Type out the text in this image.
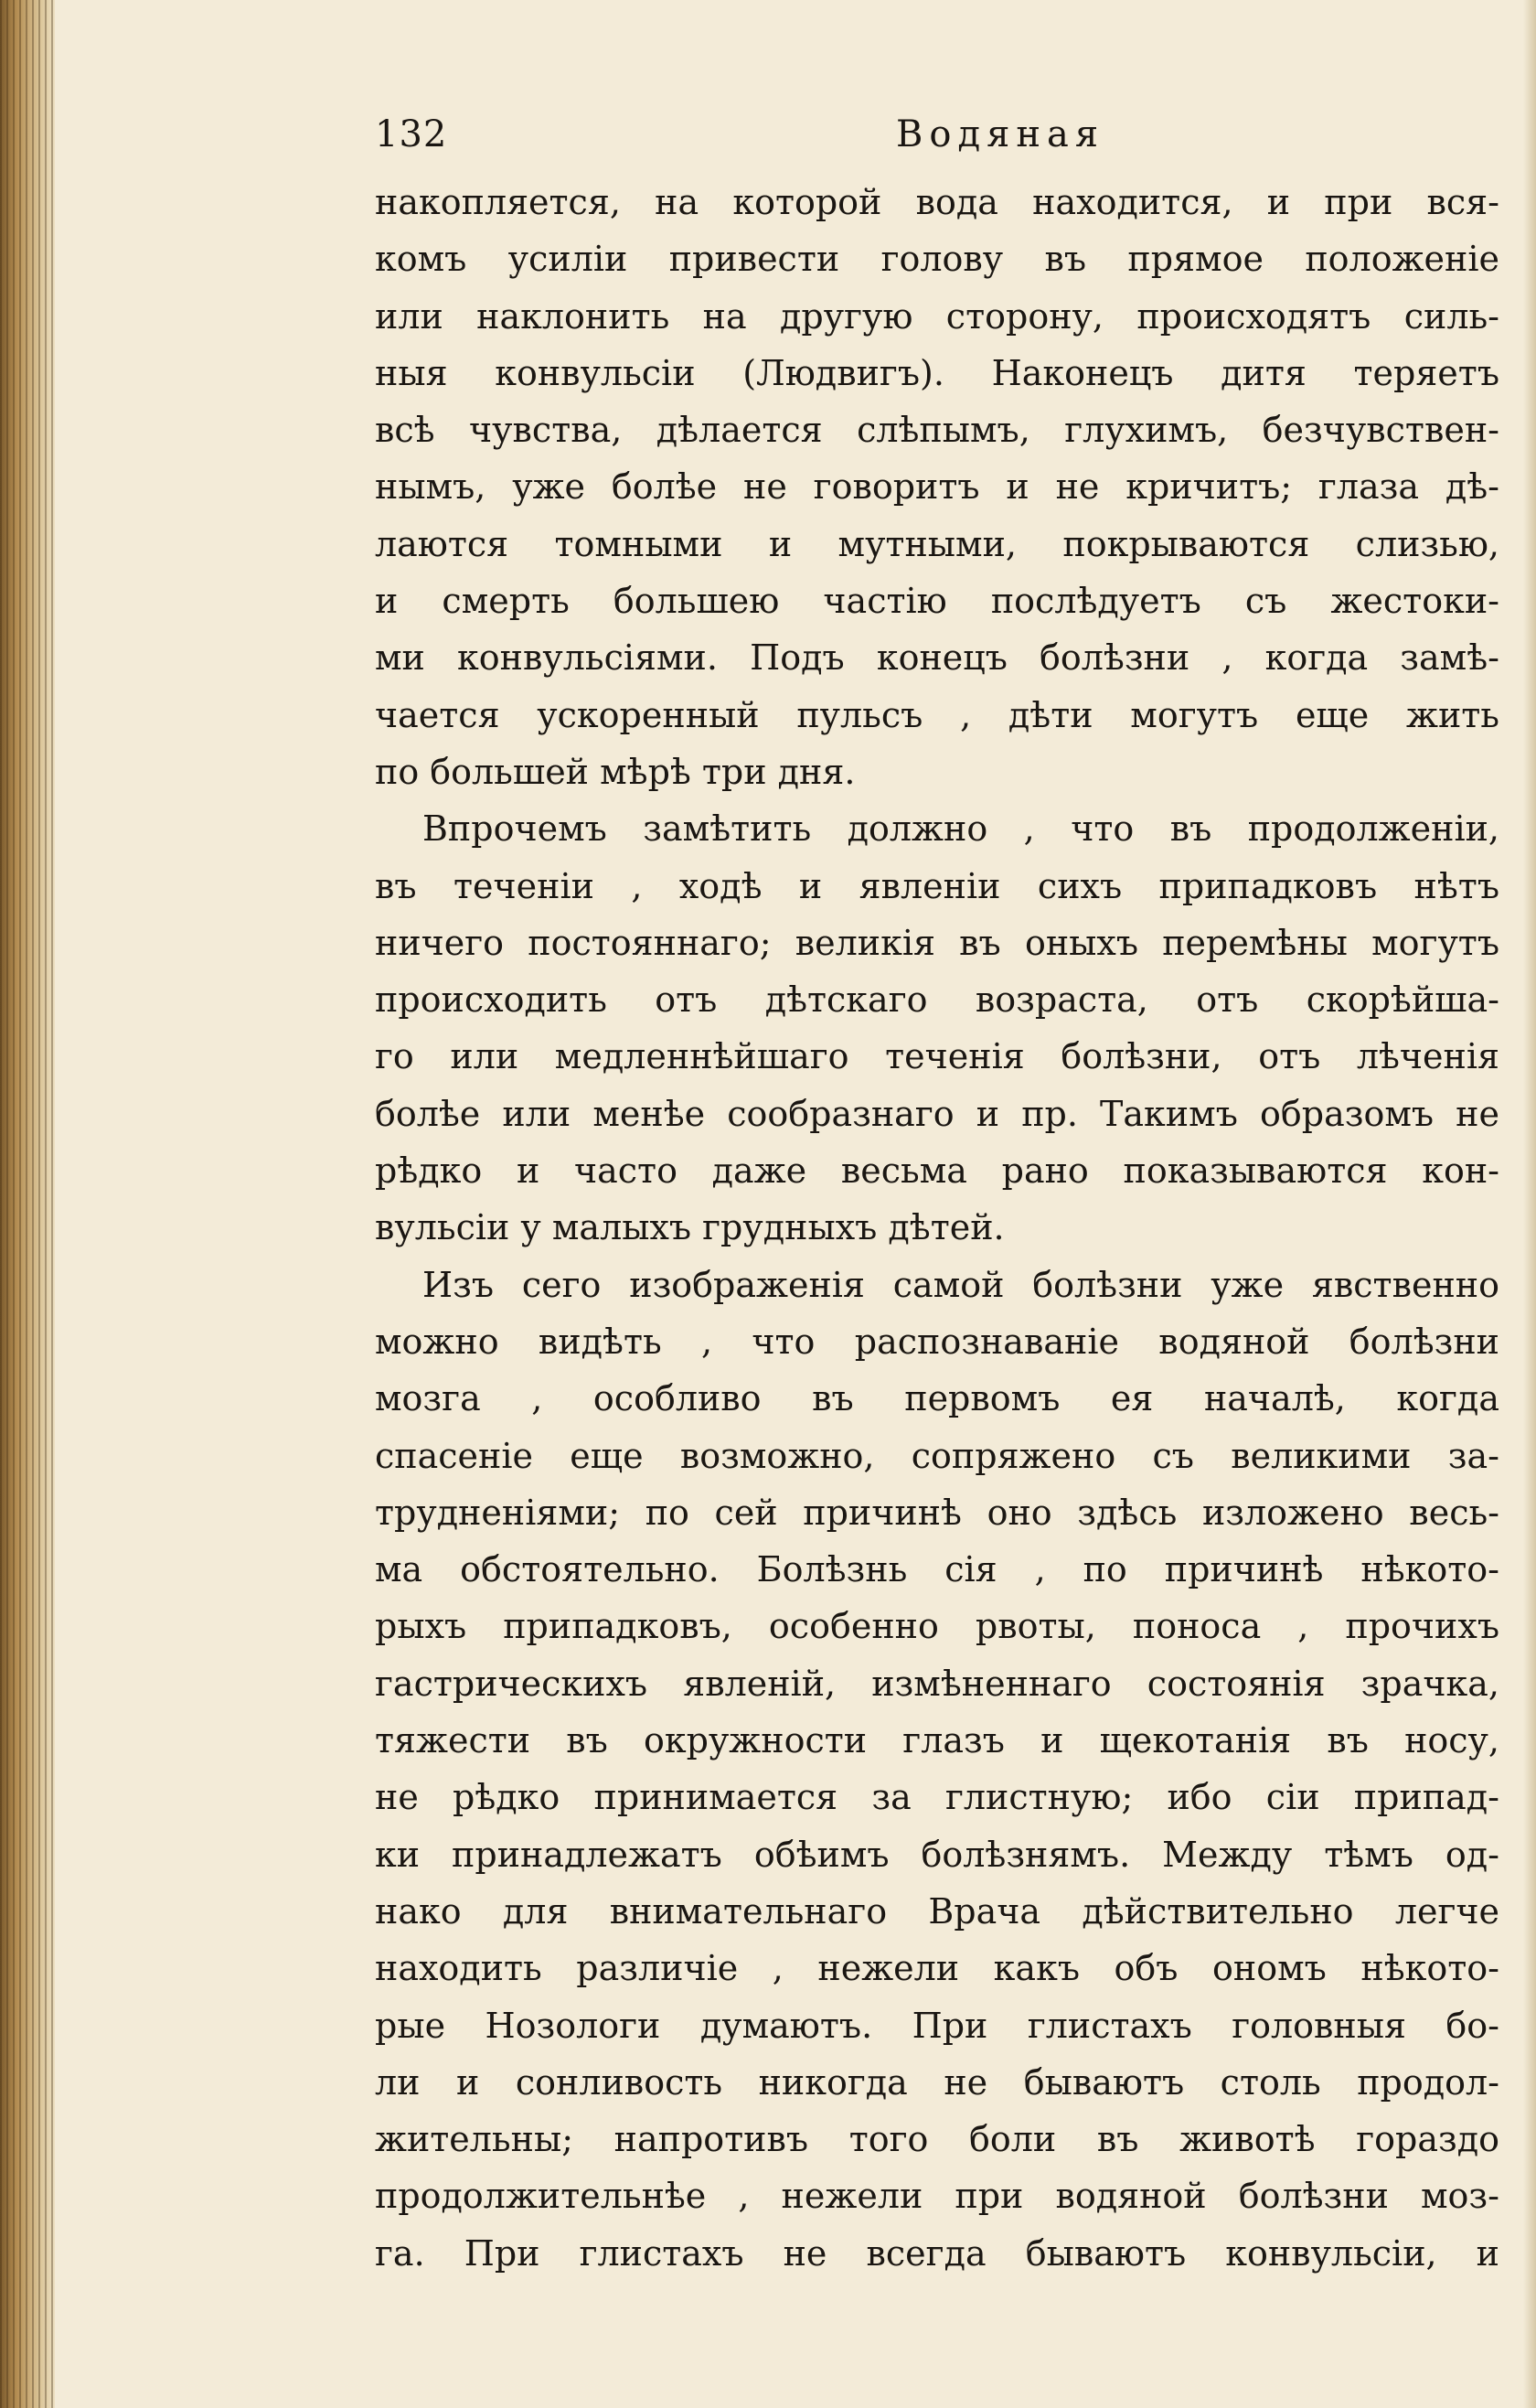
132	Водяная
накопляется, на которой вода находится, и при вся-
комъ усиліи привести голову въ прямое положеніе
или наклонить на другую сторону, происходятъ силь-
ныя конвульсіи (Людвигъ). Наконецъ дитя теряетъ
всѣ чувства, дѣлается слѣпымъ, глухимъ, безчувствен-
нымъ, уже болѣе не говоритъ и не кричитъ; глаза дѣ-
лаются томными и мутными, покрываются слизью,
и смерть большею частію послѣдуетъ съ жестоки-
ми конвульсіями. Подъ конецъ болѣзни , когда замѣ-
чается ускоренный пульсъ , дѣти могутъ еще жить
по большей мѣрѣ три дня.
Впрочемъ замѣтить должно , что въ продолженіи,
въ теченіи , ходѣ и явленіи сихъ припадковъ нѣтъ
ничего постояннаго; великія въ оныхъ перемѣны могутъ
происходить отъ дѣтскаго возраста, отъ скорѣйша-
го или медленнѣйшаго теченія болѣзни, отъ лѣченія
болѣе или менѣе сообразнаго и пр. Такимъ образомъ не
рѣдко и часто даже весьма рано показываются кон-
вульсіи у малыхъ грудныхъ дѣтей.
Изъ сего изображенія самой болѣзни уже явственно
можно видѣть , что распознаваніе водяной болѣзни
мозга , особливо въ первомъ ея началѣ, когда
спасеніе еще возможно, сопряжено съ великими за-
трудненіями; по сей причинѣ оно здѣсь изложено весь-
ма обстоятельно. Болѣзнь сія , по причинѣ нѣкото-
рыхъ припадковъ, особенно рвоты, поноса , прочихъ
гастрическихъ явленій, измѣненнаго состоянія зрачка,
тяжести въ окружности глазъ и щекотанія въ носу,
не рѣдко принимается за глистную; ибо сіи припад-
ки принадлежатъ обѣимъ болѣзнямъ. Между тѣмъ од-
нако для внимательнаго Врача дѣйствительно легче
находить различіе , нежели какъ объ ономъ нѣкото-
рые Нозологи думаютъ. При глистахъ головныя бо-
ли и сонливость никогда не бываютъ столь продол-
жительны; напротивъ того боли въ животѣ гораздо
продолжительнѣе , нежели при водяной болѣзни моз-
га. При глистахъ не всегда бываютъ конвульсіи, и
